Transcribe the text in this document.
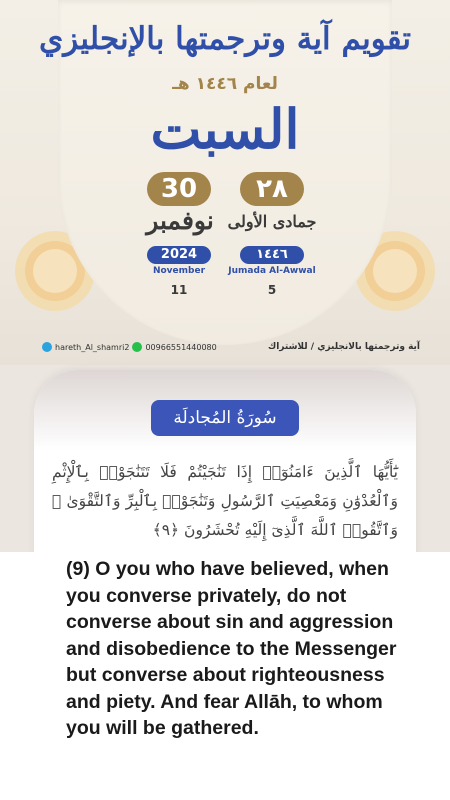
تقويم آية وترجمتها بالإنجليزي
لعام ١٤٤٦ هـ
السبت
30
نوفمبر
2024
November
11
٢٨
جمادى الأولى
١٤٤٦
Jumada Al-Awwal
5
hareth_Al_shamri2 00966551440080	آية وترجمتها بالانجليزي / للاشتراك
سُورَةُ المُجادلَة
يَٰٓأَيُّهَا ٱلَّذِينَ ءَامَنُوٓا۟ إِذَا تَنَٰجَيْتُمْ فَلَا تَتَنَٰجَوْا۟ بِٱلْإِثْمِ وَٱلْعُدْوَٰنِ وَمَعْصِيَتِ ٱلرَّسُولِ وَتَنَٰجَوْا۟ بِٱلْبِرِّ وَٱلتَّقْوَىٰ ۖ وَٱتَّقُوا۟ ٱللَّهَ ٱلَّذِىٓ إِلَيْهِ تُحْشَرُونَ ﴿٩﴾
(9) O you who have believed, when you converse privately, do not converse about sin and aggression and disobedience to the Messenger but converse about righteousness and piety. And fear Allāh, to whom you will be gathered.
